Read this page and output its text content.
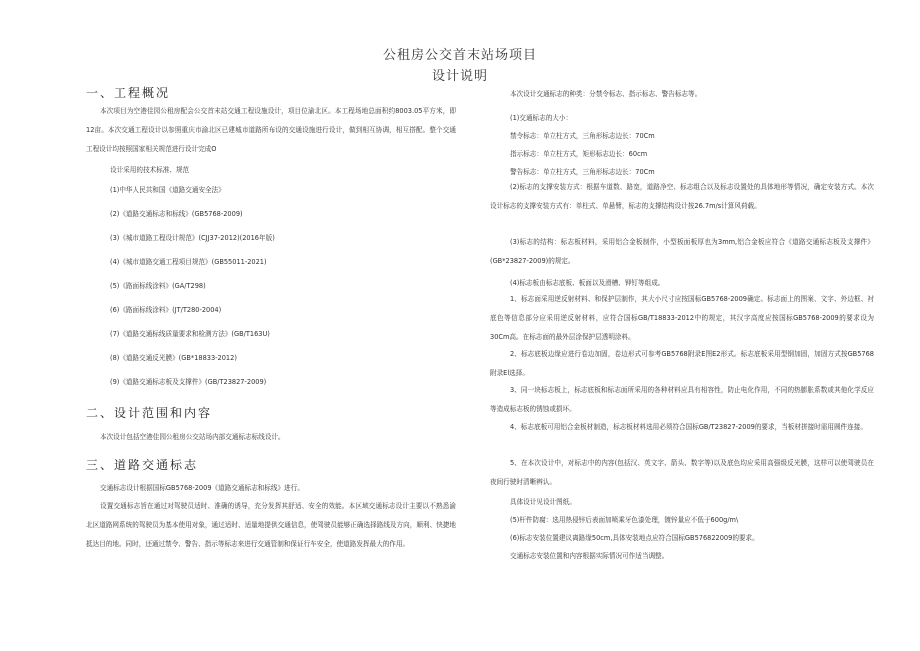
公租房公交首末站场项目
设计说明
一、工程概况
本次项目为空港佳园公租房配会公交首末站交通工程设施设计，项目位渝北区。本工程场地总面积约8003.05平方米，即12亩。本次交通工程设计以参照重庆市渝北区已建城市道路所布设的交通设施进行设计，做到相互协调，相互搭配。整个交通工程设计均按照国家相关规范进行设计完成O
设计采用的技术标准、规范
(1)中华人民共和国《道路交通安全法》
(2)《道路交通标志和标线》(GB5768-2009)
(3)《城市道路工程设计规范》(CJJ37-2012)(2016年版)
(4)《城市道路交通工程项目规范》(GB55011-2021)
(5)《路面标线涂料》(GA/T298)
(6)《路面标线涂料》(JT/T280-2004)
(7)《道路交通标线质量要求和检测方法》(GB/T163U)
(8)《道路交通反光膜》(GB*18833-2012)
(9)《道路交通标志板及支撑件》(GB/T23827-2009)
二、设计范围和内容
本次设计包括空港佳园公租房公交站场内部交通标志标线设计。
三、道路交通标志
交通标志设计根据国标GB5768-2009《道路交通标志和标线》进行。
设置交通标志旨在通过对驾驶员适时、准确的诱导，充分发挥其舒适、安全的效能。本区域交通标志设计主要以不熟悉渝北区道路网系统的驾驶员为基本使用对象，通过适时、适量地提供交通信息，使驾驶员能够正确选择路线及方向，顺利、快捷地抵达目的地。同时，还通过禁令、警告、指示等标志来进行交通管制和保证行车安全，使道路发挥最大的作用。
本次设计交通标志的种类：分禁令标志、指示标志、警告标志等。
(1)交通标志的大小：
禁令标志：单立柱方式，三角形标志边长：70Cm
指示标志：单立柱方式，矩形标志边长：60cm
警告标志：单立柱方式，三角形标志边长：70Cm
(2)标志的支撑安装方式：根据车道数、路宽，道路净空、标志组合以及标志设置处的具体地形等情况，确定安装方式。本次设计标志的支撑安装方式有：单柱式、单悬臂，标志的支撑结构设计按26.7m/s计算风荷载。
(3)标志的结构：标志板材料，采用铝合金板制作，小型板面板厚也为3mm,铝合金板应符合《道路交通标志板及支撑件》(GB*23827-2009)的规定。
(4)标志板由标志底板、板面以及滑槽、钾钉等组成。
1、标志面采用逆反射材料、和保护层制作，其大小尺寸应按国标GB5768-2009确定。标志面上的图案、文字、外边框、衬底色等信息部分应采用逆反射材料，应符合国标GB/T18833-2012中的规定，其汉字高度应按国标GB5768-2009的要求设为30Cm高。在标志面的最外层涂保护层透明涂料。
2、标志底板边缘应进行卷边加固，卷边形式可参考GB5768附录E图E2形式。标志底板采用型钢加固，加固方式按GB5768附录El选择。
3、同一块标志板上，标志底板和标志面所采用的各种材料应具有相容性，防止电化作用，不同的热膨胀系数或其他化学反应等造成标志板的锈蚀或损坏。
4、标志底板可用铝合金板材制造，标志板材料选用必须符合国标GB/T23827-2009的要求，当板材拼接时需用圆件连接。
5、在本次设计中，对标志中的内容(包括汉、英文字、箭头、数字等)以及底色均应采用高强级反光膜，这样可以使驾驶员在夜间行驶时清晰辨认。
具体设计见设计图纸。
(5)杆件防腐：选用热侵锌后表面加喷乘牙色漆处理，镀锌量应不低于600g/m\
(6)标志安装位置建议离路缘50cm,具体安装地点应符合国标GB576822009的要求。
交通标志安装位置和内容根据实际情况可作适当调整。
